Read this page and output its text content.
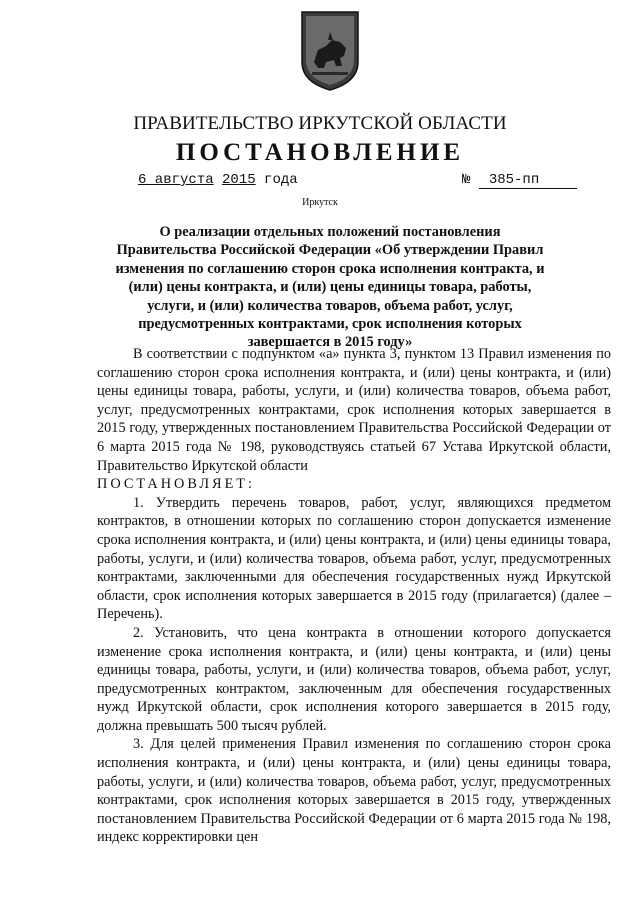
ПРАВИТЕЛЬСТВО ИРКУТСКОЙ ОБЛАСТИ
ПОСТАНОВЛЕНИЕ
6 августа 2015 года	№ 385-пп
Иркутск
О реализации отдельных положений постановления Правительства Российской Федерации «Об утверждении Правил изменения по соглашению сторон срока исполнения контракта, и (или) цены контракта, и (или) цены единицы товара, работы, услуги, и (или) количества товаров, объема работ, услуг, предусмотренных контрактами, срок исполнения которых завершается в 2015 году»

В соответствии с подпунктом «а» пункта 3, пунктом 13 Правил изменения по соглашению сторон срока исполнения контракта, и (или) цены контракта, и (или) цены единицы товара, работы, услуги, и (или) количества товаров, объема работ, услуг, предусмотренных контрактами, срок исполнения которых завершается в 2015 году, утвержденных постановлением Правительства Российской Федерации от 6 марта 2015 года № 198, руководствуясь статьей 67 Устава Иркутской области, Правительство Иркутской области

ПОСТАНОВЛЯЕТ:

1. Утвердить перечень товаров, работ, услуг, являющихся предметом контрактов, в отношении которых по соглашению сторон допускается изменение срока исполнения контракта, и (или) цены контракта, и (или) цены единицы товара, работы, услуги, и (или) количества товаров, объема работ, услуг, предусмотренных контрактами, заключенными для обеспечения государственных нужд Иркутской области, срок исполнения которых завершается в 2015 году (прилагается) (далее – Перечень).

2. Установить, что цена контракта в отношении которого допускается изменение срока исполнения контракта, и (или) цены контракта, и (или) цены единицы товара, работы, услуги, и (или) количества товаров, объема работ, услуг, предусмотренных контрактом, заключенным для обеспечения государственных нужд Иркутской области, срок исполнения которого завершается в 2015 году, должна превышать 500 тысяч рублей.

3. Для целей применения Правил изменения по соглашению сторон срока исполнения контракта, и (или) цены контракта, и (или) цены единицы товара, работы, услуги, и (или) количества товаров, объема работ, услуг, предусмотренных контрактами, срок исполнения которых завершается в 2015 году, утвержденных постановлением Правительства Российской Федерации от 6 марта 2015 года № 198, индекс корректировки цен
